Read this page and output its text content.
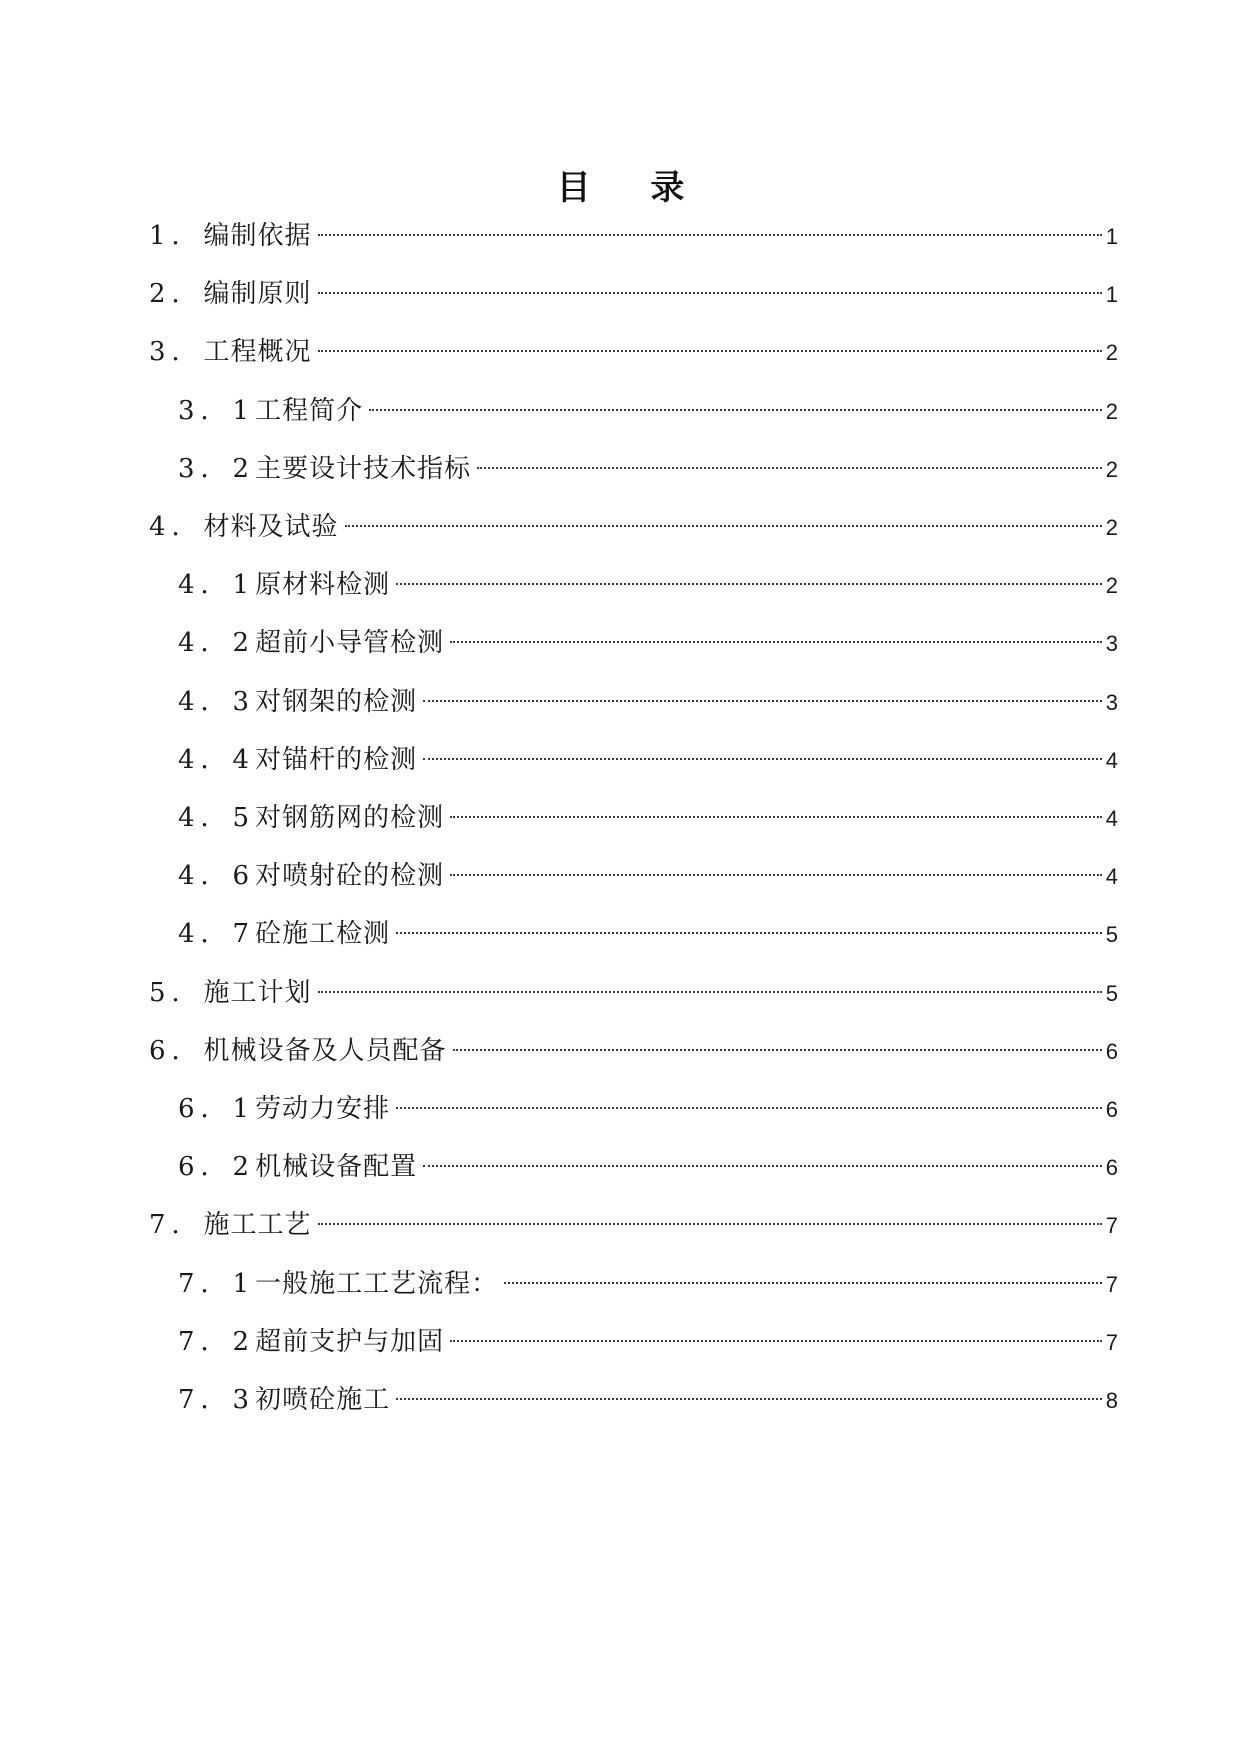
目 录
1． 编制依据	1
2． 编制原则	1
3． 工程概况	2
3．1 工程简介	2
3．2 主要设计技术指标	2
4． 材料及试验	2
4．1 原材料检测	2
4．2 超前小导管检测	3
4．3 对钢架的检测	3
4．4 对锚杆的检测	4
4．5 对钢筋网的检测	4
4．6 对喷射砼的检测	4
4．7 砼施工检测	5
5． 施工计划	5
6． 机械设备及人员配备	6
6．1 劳动力安排	6
6．2 机械设备配置	6
7． 施工工艺	7
7．1 一般施工工艺流程：	7
7．2 超前支护与加固	7
7．3 初喷砼施工	8
